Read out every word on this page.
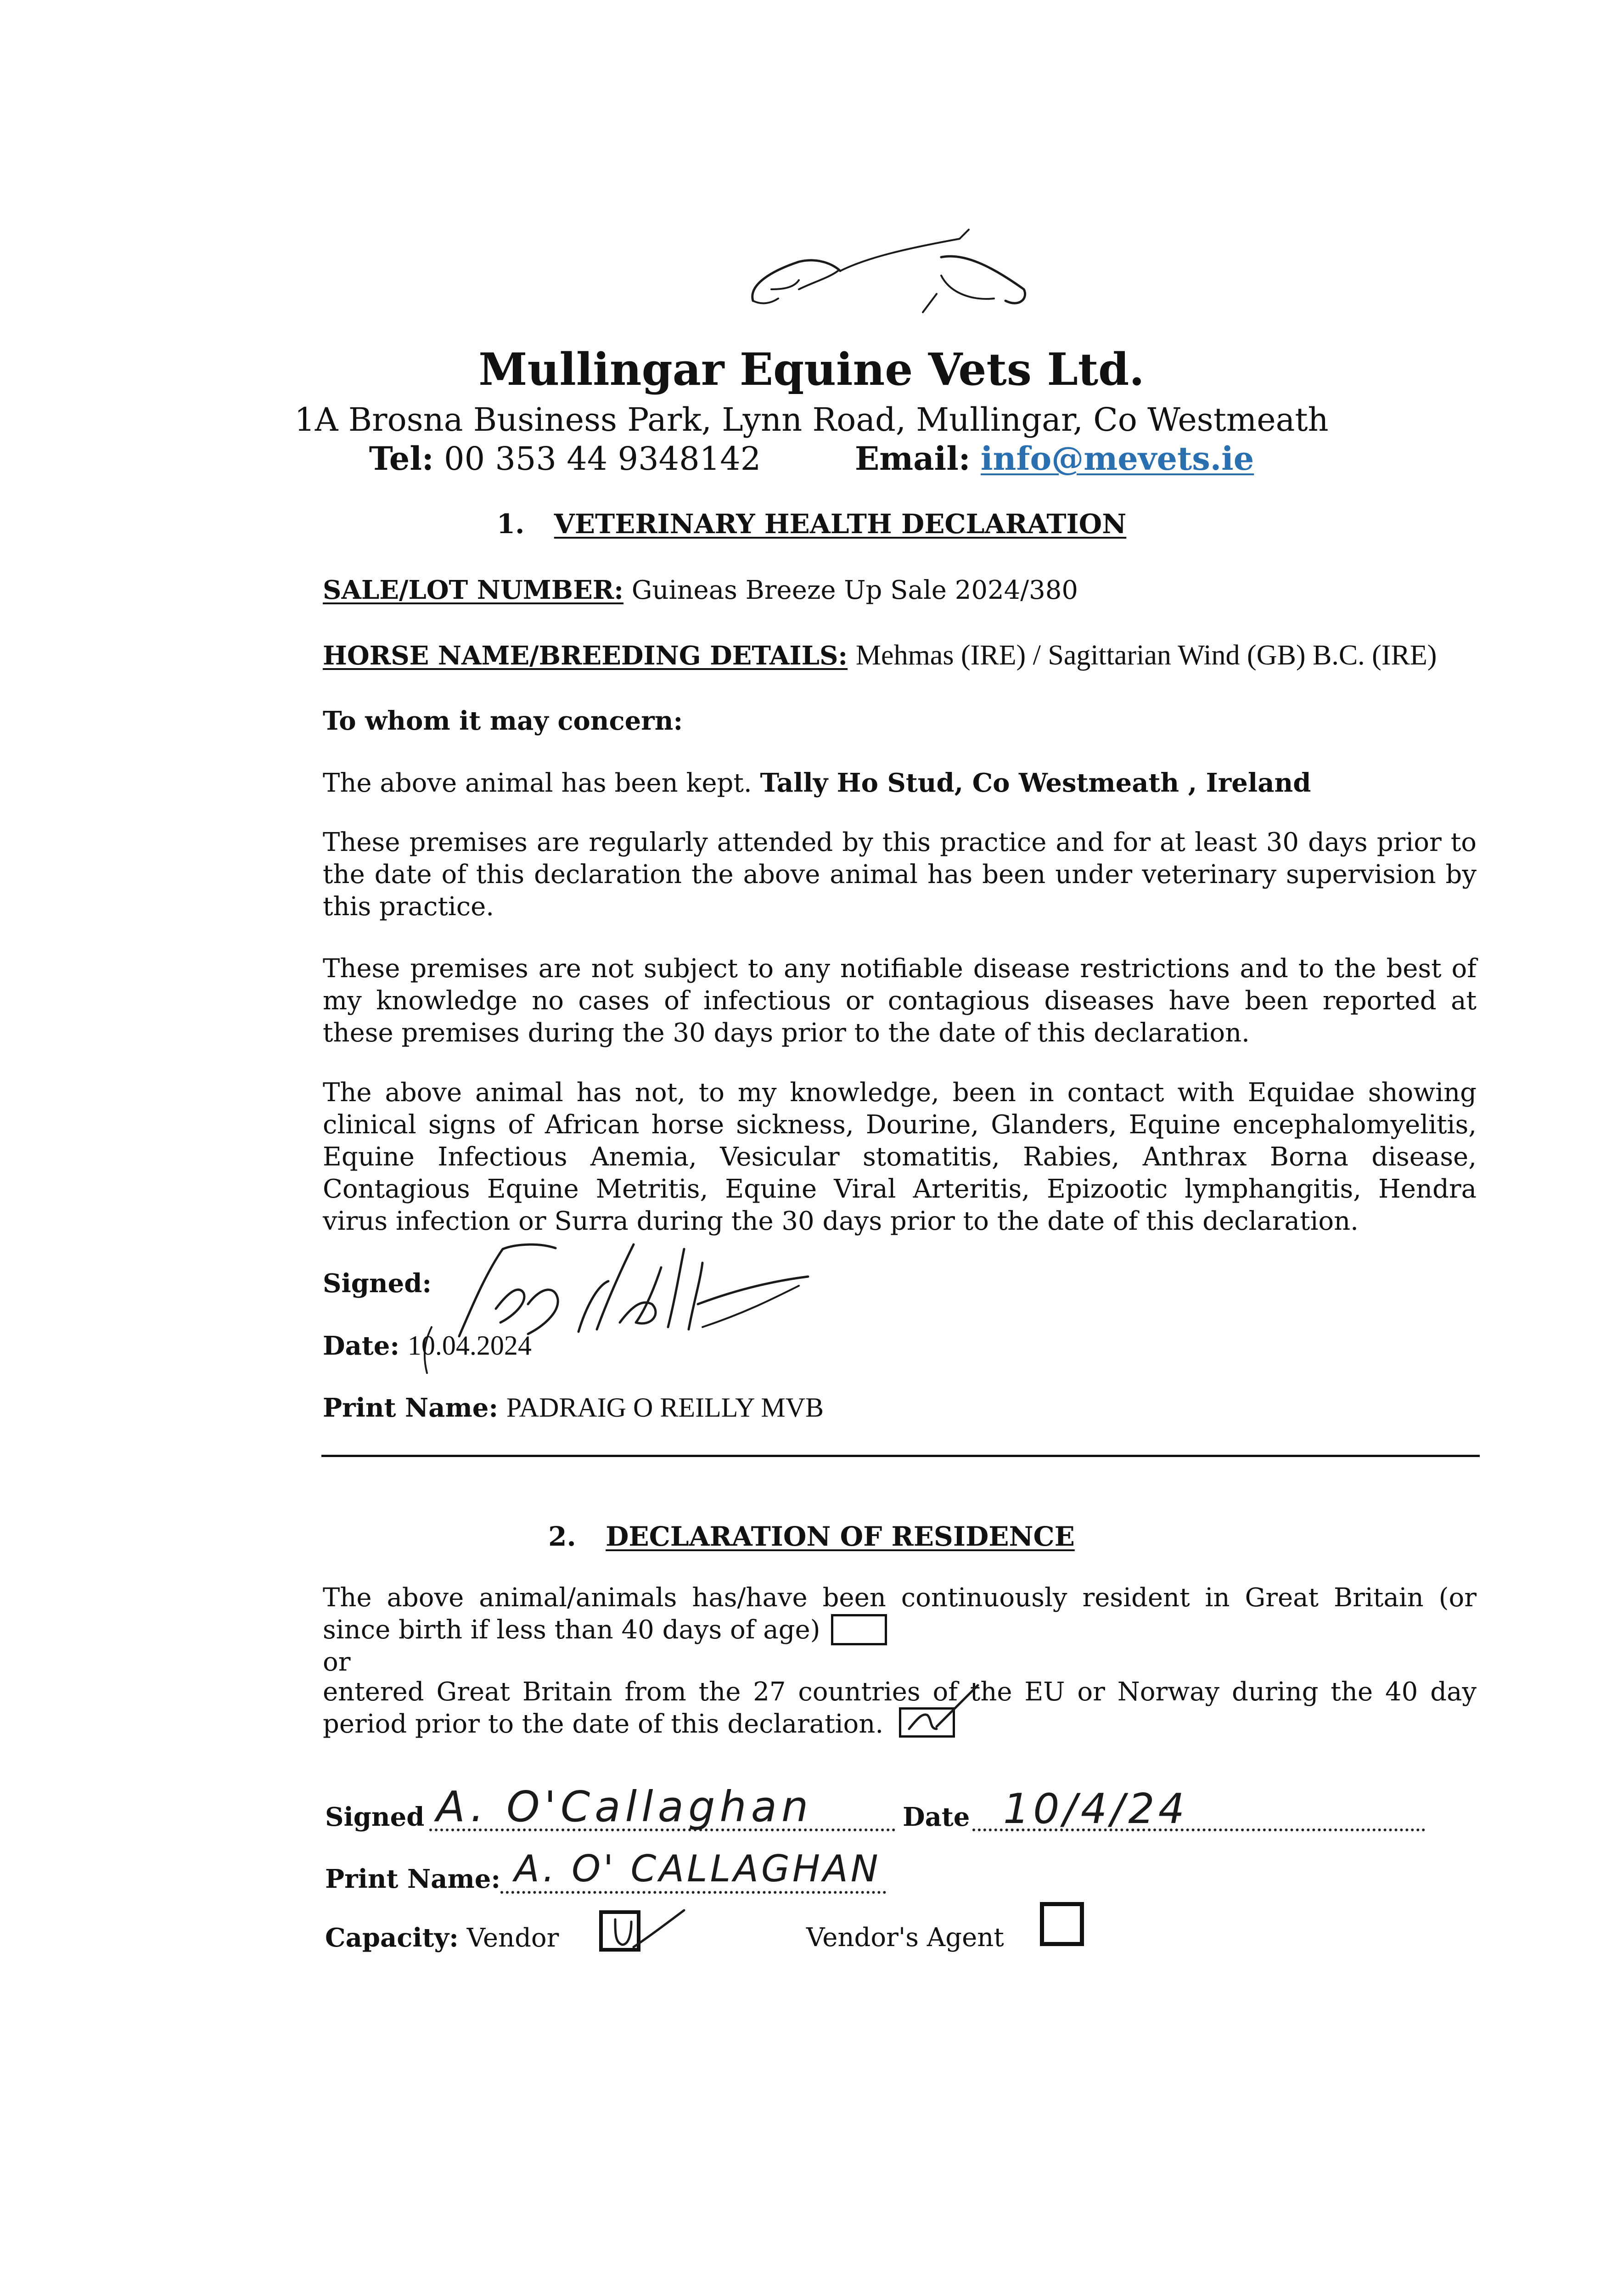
Mullingar Equine Vets Ltd.
1A Brosna Business Park, Lynn Road, Mullingar, Co Westmeath
Tel: 00 353 44 9348142	Email: info@mevets.ie
1. VETERINARY HEALTH DECLARATION
SALE/LOT NUMBER: Guineas Breeze Up Sale 2024/380
HORSE NAME/BREEDING DETAILS: Mehmas (IRE) / Sagittarian Wind (GB) B.C. (IRE)
To whom it may concern:
The above animal has been kept. Tally Ho Stud, Co Westmeath , Ireland
These premises are regularly attended by this practice and for at least 30 days prior to the date of this declaration the above animal has been under veterinary supervision by this practice.
These premises are not subject to any notifiable disease restrictions and to the best of my knowledge no cases of infectious or contagious diseases have been reported at these premises during the 30 days prior to the date of this declaration.
The above animal has not, to my knowledge, been in contact with Equidae showing clinical signs of African horse sickness, Dourine, Glanders, Equine encephalomyelitis, Equine Infectious Anemia, Vesicular stomatitis, Rabies, Anthrax Borna disease, Contagious Equine Metritis, Equine Viral Arteritis, Epizootic lymphangitis, Hendra virus infection or Surra during the 30 days prior to the date of this declaration.
Signed:
Date: 10.04.2024
Print Name: PADRAIG O REILLY MVB
2. DECLARATION OF RESIDENCE
The above animal/animals has/have been continuously resident in Great Britain (or since birth if less than 40 days of age)
or
entered Great Britain from the 27 countries of the EU or Norway during the 40 day period prior to the date of this declaration.
Signed A. O'Callaghan	Date 10/4/24
Print Name: A. O' CALLAGHAN
Capacity: Vendor	Vendor's Agent
